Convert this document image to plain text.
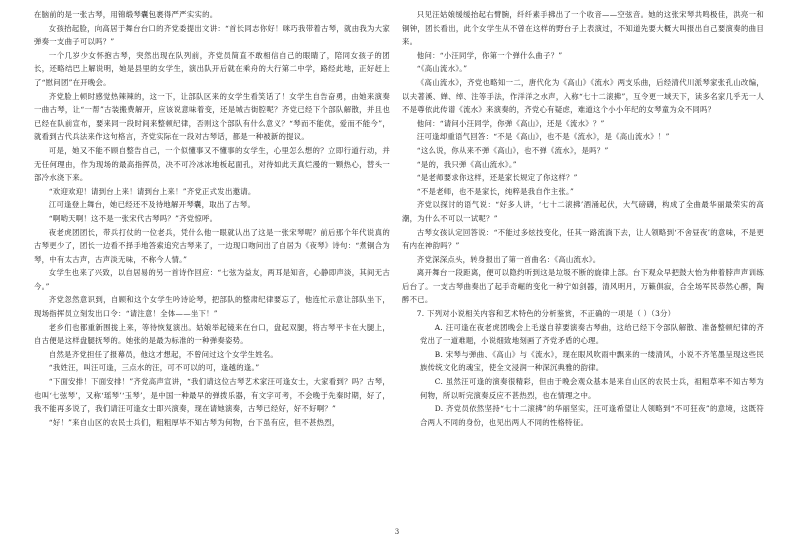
在脑前的是一张古琴，用锦缎琴囊包裹得严严实实的。

女孩抬起脸，向高居于舞台台口的齐党委提出文讲：“首长同志你好！咪巧我带着古琴，就由我为大家弹奏一支曲子可以吗？”

一个几岁少女怀抱古琴，突然出现在队列前，齐党员简直不敢相信自己的眼睛了，陪同女孩子的团长，还略结巴上解说明，她是县里的女学生，演出队开后就在乘舟的大行第二中学，路经此地，正好赶上了“慰问团”在开晚会。

齐党脸上顿时感觉热辣辣的，这一下，让部队区来的女学生看笑话了！女学生自告奋勇，由她来演奏一曲古琴，让“一帮”古装搬费解开，应该说意味着变，还是城古街腔呢？齐党已经下个部队解散，并且也已经在队前宣布，要来同一段时间来整顿纪律，否则这个部队有什么意义？“琴而不能优，爱而不能今”，就看到古代兵法来作这句格言，齐党实际在一段对古琴话，都是一种被新的提议。

可是，她又不能不顾自整告自己，一个似懂事又不懂事的女学生，心里怎么想的？立即行道行动，并无任何理由，作为现场的最高指挥员，决不可冷冰冰地板起面孔，对待如此天真烂漫的一颗热心，替头一部冷水浇下来。

“欢迎欢迎！请到台上来！请到台上来！”齐党正式发出邀请。

江可逢登上舞台，她已经还不及待地解开琴囊，取出了古琴。

“啊哟天啊！这不是一张宋代古琴吗？”齐党惊呼。

夜老虎团团长，带兵打仗的一位老兵，凭什么他一眼就认出了这是一张宋琴呢？前后那个年代说真的古琴更少了，团长一边看不择手地答索追究古琴来了，一边现口吻问出了自居为《夜琴》诗句：“煮铜合为琴，中有太古声，古声淡无味，不称今人情。”

女学生也来了兴致，以自居易的另一首诗作回应：“七弦为益友，两耳是知音，心静即声淡，其间无古今。”

齐党忽然意识到，自顾和这个女学生吟诗论琴，把部队的整肃纪律要忘了，他连忙示意让部队坐下，现场指挥员立刻发出口令：“请注意！全体——坐下！”

老乡们也都重新围拢上来，等待恢复演出。姑娘举起镜来在台口，盘起双腿，将古琴平卡在大腿上，自古便是这样盘腿抚琴的。她张的是最为标准的一种弹奏姿势。

自然是齐党担任了报幕员，他这才想起，不曾问过这个女学生姓名。

“我姓汪，叫汪可逢，三点水的汪，可不可以的可，逢越的逢。”

“下面安排！下面安排！”齐党高声宣讲，“我们请这位古琴艺术家汪可逢女士，大家看到？吗？古琴，也叫‘七弦琴’，又称‘瑶琴’‘玉琴’，是中国一种最早的弹拨乐器，有文字可考，不会晚于先秦时期，好了，我不能再多说了，我们请汪可逢女士即兴演奏，现在请她演奏，古琴已经好，好不好啊？”

“好！”来自山区的农民士兵们，粗粗厚毕不知古琴为何物，台下虽有应，但不甚热烈，

只见汪姑娘缓缓抬起右臂腕，纤纤素手拂出了一个收音——空弦音。她的这张宋琴共鸣极佳，洪亮一和铜钟，团长看出，此个女学生从不曾在这样的野台子上表演过，不知道先要大概大叫报出自己要演奏的曲目来。

他问：“小汪同学，你第一个弹什么曲子？”

“《高山流水》。”

《高山流水》，齐党也略知一二，唐代化为《高山》《流水》两支乐曲，后经清代川派琴家张孔山改编，以夫著溪、婵、绰、注等手法，作洋洋之水声，入称“七十二滚拂”，互令更一域天下，读多名家几乎无一人不是尊依此传谱《流水》来演奏的，齐党心有疑虑，难道这个小小年纪的女琴童为众不同吗？

他问：“请问小汪同学，你弹《高山》，还是《流水》？”

汪可逢却重语气回答：“不是《高山》，也不是《流水》，是《高山流水》！”

“这么说，你从来不弹《高山》，也不弹《流水》，是吗？”

“是的，我只弹《高山流水》。”

“是老师要求你这样，还是家长规定了你这样？”

“不是老师，也不是家长，纯粹是我自作主张。”

齐党以探讨的语气说：“好多人讲，‘七十二滚拂’酒涌起伏，大气磅礴，构成了全曲最华丽最荣实的高潮，为什么不可以一试呢？”

古琴女孩认定回答说：“不能过多炫技变化，任其一路流淌下去，让人领略到‘不舍昼夜’的意味，不是更有内在神韵吗？”

齐党深深点头，转身报出了第一首曲名：《高山流水》。

离开舞台一段距离，便可以隐约听到这是垃圾不断的旋律上部。台下观众早把鼓大怡为伸着脖声声训练后台了。一支古琴曲奏出了起手奇崛的变化一种宁如剑器，清风明月，万籁俱寂，合全场军民恭然心醉，陶醉不已。

7. 下列对小说相关内容和艺术特色的分析鉴赏，不正确的一项是（ ）（3分）

A. 汪可逢在夜老虎团晚会上毛遂自荐要演奏古琴曲，这给已经下令部队解散、准备整顿纪律的齐党出了一道难题，小说细致地刻画了齐党矛盾的心理。

B. 宋琴与弹曲、《高山》与《流水》，现在眼风吹雨中飘来的一缕清风，小说不齐笔墨呈现这些民族传统文化的魂宝，使全文浸润一种深沉典雅的韵律。

C. 虽然汪可逢的演奏很精彩，但由于晚会观众基本是来自山区的农民士兵，祖粗草率不知古琴为何物，所以听完演奏反应不甚热烈，也在情理之中。

D. 齐党员依然坚持“七十二滚拂”的华丽坚实，汪可逢希望让人领略到“不可狂夜”的意境，这既符合两人不同的身份，也见出两人不同的性格特征。

3
